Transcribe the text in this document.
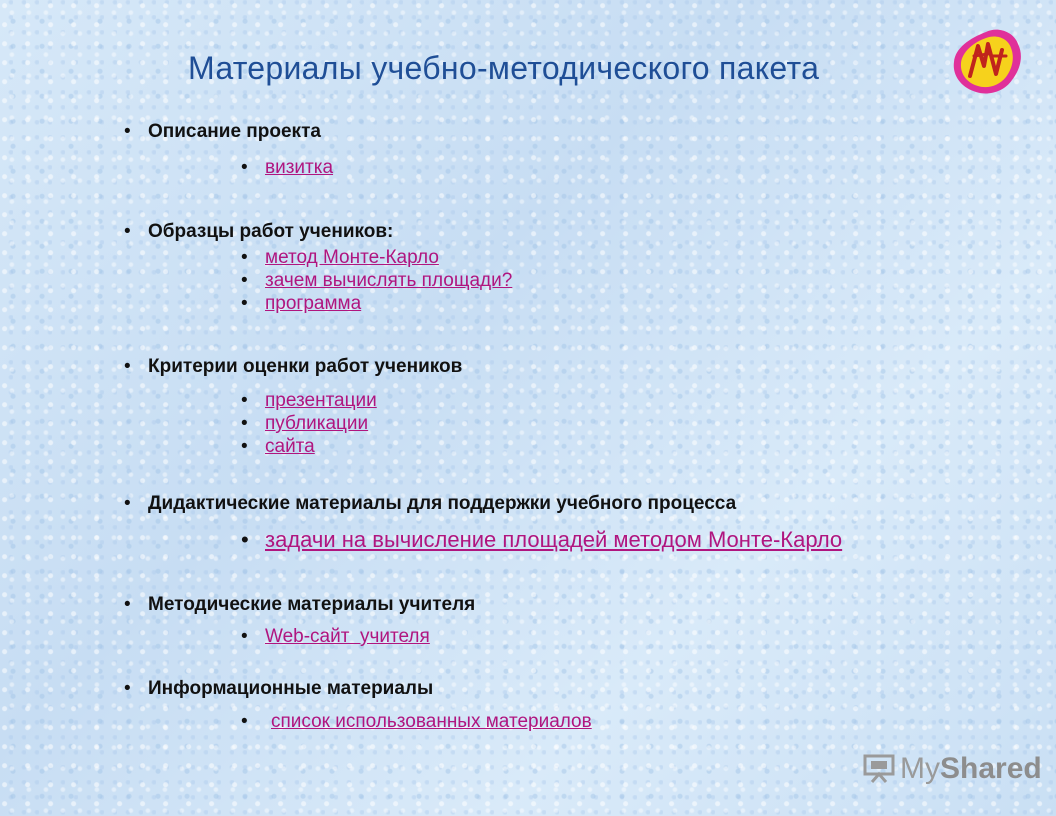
Материалы учебно-методического пакета
• Описание проекта
• визитка
• Образцы работ учеников:
• метод Монте-Карло
• зачем вычислять площади?
• программа
• Критерии оценки работ учеников
• презентации
• публикации
• сайта
• Дидактические материалы для поддержки учебного процесса
• задачи на вычисление площадей методом Монте-Карло
• Методические материалы учителя
• Web-сайт  учителя
• Информационные материалы
• список использованных материалов
My Shared
